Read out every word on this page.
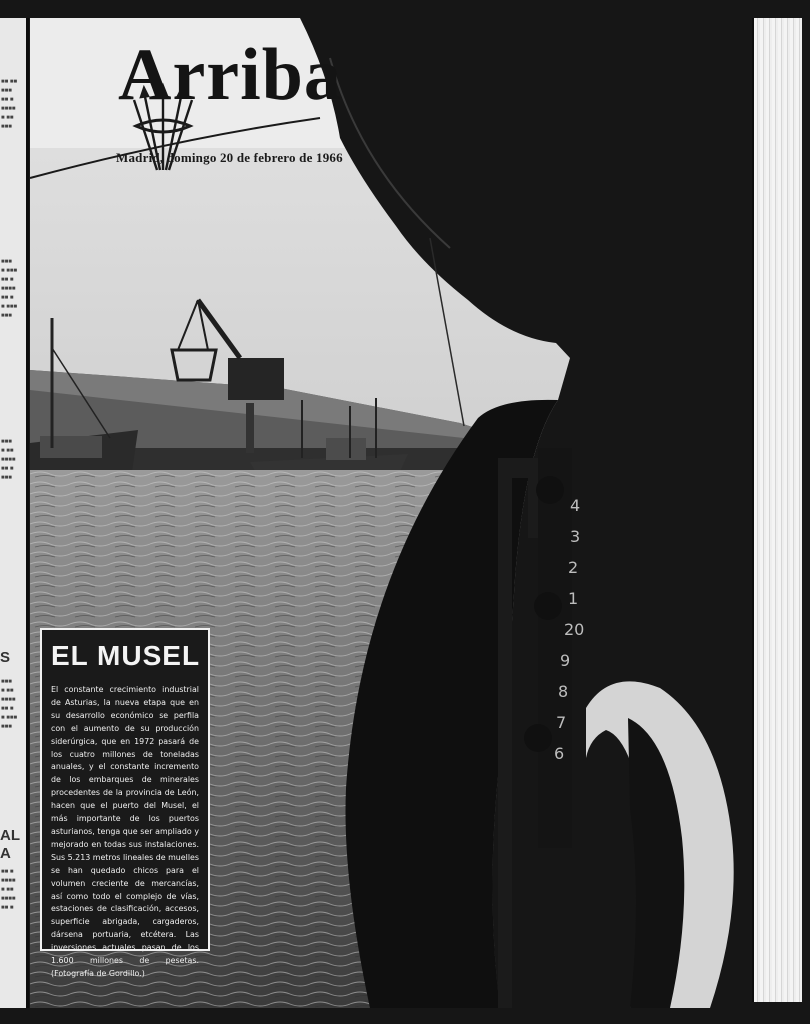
■■ ■■
■■■
■■ ■
■■■■
■ ■■
■■■
■■■
■ ■■■
■■ ■
■■■■
■■ ■
■ ■■■
■■■
■■■
■ ■■
■■■■
■■ ■
■■■
S
■■■
■ ■■
■■■■
■■ ■
■ ■■■
■■■
AL
A
■■ ■
■■■■
■ ■■
■■■■
■■ ■
4
3
2
1
20
9
8
7
6
Arriba
Madrid, domingo 20 de febrero de 1966
EL MUSEL

El constante crecimiento industrial de Asturias, la nueva etapa que en su desarrollo económico se perfila con el aumento de su producción siderúrgica, que en 1972 pasará de los cuatro millones de toneladas anuales, y el constante incremento de los embarques de minerales procedentes de la provincia de León, hacen que el puerto del Musel, el más importante de los puertos asturianos, tenga que ser ampliado y mejorado en todas sus instalaciones. Sus 5.213 metros lineales de muelles se han quedado chicos para el volumen creciente de mercancías, así como todo el complejo de vías, estaciones de clasificación, accesos, superficie abrigada, cargaderos, dársena portuaria, etcétera. Las inversiones actuales pasan de los 1.600 millones de pesetas. (Fotografía de Gordillo.)
